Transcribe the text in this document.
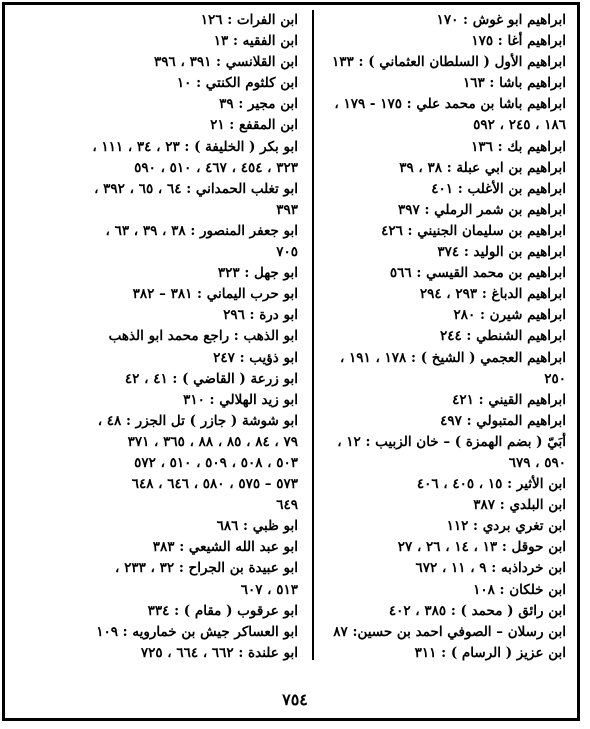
ابراهيم ابو غوش : ١٧٠
ابراهيم أغا : ١٧٥
ابراهيم الأول ( السلطان العثماني ) : ١٣٣
ابراهيم باشا : ١٦٣
ابراهيم باشا بن محمد علي : ١٧٥ - ١٧٩ ،
١٨٦ ، ٢٤٥ ، ٥٩٢
ابراهيم بك : ١٣٦
ابراهيم بن ابي عبلة : ٣٨ ، ٣٩
ابراهيم بن الأغلب : ٤٠١
ابراهيم بن شمر الرملي : ٣٩٧
ابراهيم بن سليمان الجنيني : ٤٢٦
ابراهيم بن الوليد : ٣٧٤
ابراهيم بن محمد القيسي : ٥٦٦
ابراهيم الدباغ : ٢٩٣ ، ٢٩٤
ابراهيم شيرن : ٢٨٠
ابراهيم الشنطي : ٢٤٤
ابراهيم العجمي ( الشيخ ) : ١٧٨ ، ١٩١ ،
٢٥٠
ابراهيم القيني : ٤٢١
ابراهيم المتبولي : ٤٩٧
أُبَيّ ( بضم الهمزة ) – خان الزبيب : ١٢ ،
٥٩٠ ، ٦٧٩
ابن الأثير : ١٥ ، ٤٠٥ ، ٤٠٦
ابن البلدي : ٣٨٧
ابن تغري بردي : ١١٢
ابن حوقل : ١٣ ، ١٤ ، ٢٦ ، ٢٧
ابن خرداذبه : ٩ ، ١١ ، ٦٧٢
ابن خلكان : ١٠٨
ابن رائق ( محمد ) : ٣٨٥ ، ٤٠٢
ابن رسلان – الصوفي احمد بن حسين: ٨٧
ابن عزيز ( الرسام ) : ٣١١
ابن الفرات : ١٢٦
ابن الفقيه : ١٣
ابن القلانسي : ٣٩١ ، ٣٩٦
ابن كلثوم الكنتي : ١٠
ابن مجير : ٣٩
ابن المقفع : ٢١
ابو بكر ( الخليفة ) : ٢٣ ، ٣٤ ، ١١١ ،
٣٢٣ ، ٤٥٤ ، ٤٦٧ ، ٥١٠ ، ٥٩٠
ابو تغلب الحمداني : ٦٤ ، ٦٥ ، ٣٩٢ ،
٣٩٣
ابو جعفر المنصور : ٣٨ ، ٣٩ ، ٦٣ ،
٧٠٥
ابو جهل : ٣٢٣
ابو حرب اليماني : ٣٨١ – ٣٨٢
ابو درة : ٢٩٦
ابو الذهب : راجع محمد ابو الذهب
ابو ذؤيب : ٢٤٧
ابو زرعة ( القاضي ) : ٤١ ، ٤٢
ابو زيد الهلالي : ٣١٠
ابو شوشة ( جازر ) تل الجزر : ٤٨ ،
٧٩ ، ٨٤ ، ٨٥ ، ٨٨ ، ٣٦٥ ، ٣٧١
٥٠٣ ، ٥٠٨ ، ٥٠٩ ، ٥١٠ ، ٥٧٢
٥٧٣ – ٥٧٥ ، ٥٨٠ ، ٦٤٦ ، ٦٤٨
٦٤٩
ابو ظبي : ٦٨٦
ابو عبد الله الشيعي : ٣٨٣
ابو عبيدة بن الجراح : ٣٢ ، ٢٣٣ ،
٥١٣ ، ٦٠٧
ابو عرقوب ( مقام ) : ٣٣٤
ابو العساكر جيش بن خمارويه : ١٠٩
ابو علندة : ٦٦٢ ، ٦٦٤ ، ٧٢٥
٧٥٤
